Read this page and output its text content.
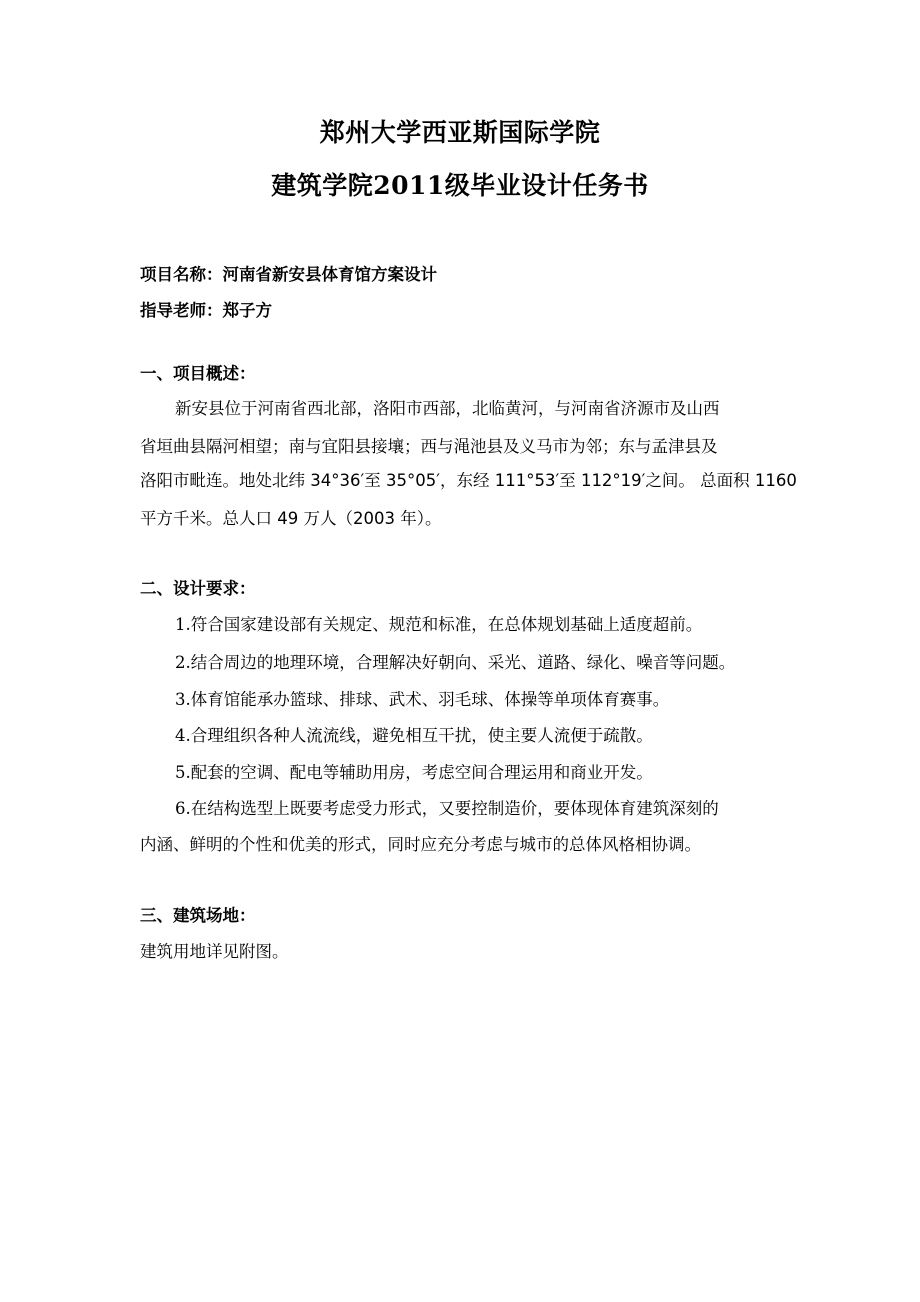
郑州大学西亚斯国际学院
建筑学院2011级毕业设计任务书
项目名称：河南省新安县体育馆方案设计
指导老师：郑子方
一、项目概述：
新安县位于河南省西北部，洛阳市西部，北临黄河，与河南省济源市及山西
省垣曲县隔河相望；南与宜阳县接壤；西与渑池县及义马市为邻；东与孟津县及
洛阳市毗连。地处北纬 34°36′至 35°05′，东经 111°53′至 112°19′之间。 总面积 1160
平方千米。总人口 49 万人（2003 年）。
二、设计要求：
1.符合国家建设部有关规定、规范和标准，在总体规划基础上适度超前。
2.结合周边的地理环境，合理解决好朝向、采光、道路、绿化、噪音等问题。
3.体育馆能承办篮球、排球、武术、羽毛球、体操等单项体育赛事。
4.合理组织各种人流流线，避免相互干扰，使主要人流便于疏散。
5.配套的空调、配电等辅助用房，考虑空间合理运用和商业开发。
6.在结构选型上既要考虑受力形式，又要控制造价，要体现体育建筑深刻的
内涵、鲜明的个性和优美的形式，同时应充分考虑与城市的总体风格相协调。
三、建筑场地：
建筑用地详见附图。
